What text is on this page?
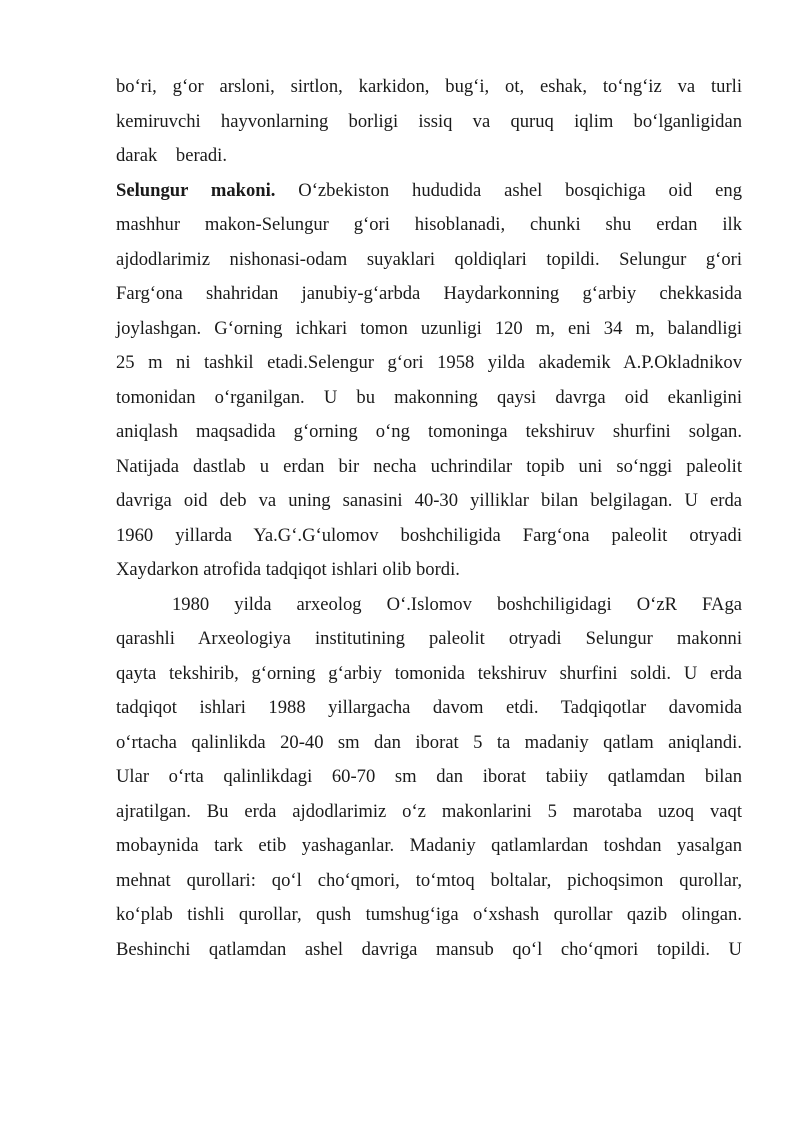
bo‘ri, g‘or arsloni, sirtlon, karkidon, bug‘i, ot, eshak, to‘ng‘iz va turli
kemiruvchi hayvonlarning borligi issiq va quruq iqlim bo‘lganligidan
darak  beradi.
Selungur makoni. O‘zbekiston hududida ashel bosqichiga oid eng
mashhur makon-Selungur g‘ori hisoblanadi, chunki shu erdan ilk
ajdodlarimiz nishonasi-odam suyaklari qoldiqlari topildi. Selungur g‘ori
Farg‘ona shahridan janubiy-g‘arbda Haydarkonning g‘arbiy chekkasida
joylashgan. G‘orning ichkari tomon uzunligi 120 m, eni 34 m, balandligi
25 m ni tashkil etadi.Selengur g‘ori 1958 yilda akademik A.P.Okladnikov
tomonidan o‘rganilgan. U bu makonning qaysi davrga oid ekanligini
aniqlash maqsadida g‘orning o‘ng tomoninga tekshiruv shurfini solgan.
Natijada dastlab u erdan bir necha uchrindilar topib uni so‘nggi paleolit
davriga oid deb va uning sanasini 40-30 yilliklar bilan belgilagan. U erda
1960 yillarda Ya.G‘.G‘ulomov boshchiligida Farg‘ona paleolit otryadi
Xaydarkon atrofida tadqiqot ishlari olib bordi.
1980 yilda arxeolog O‘.Islomov boshchiligidagi O‘zR FAga
qarashli Arxeologiya institutining paleolit otryadi Selungur makonni
qayta tekshirib, g‘orning g‘arbiy tomonida tekshiruv shurfini soldi. U erda
tadqiqot ishlari 1988 yillargacha davom etdi. Tadqiqotlar davomida
o‘rtacha qalinlikda 20-40 sm dan iborat 5 ta madaniy qatlam aniqlandi.
Ular o‘rta qalinlikdagi 60-70 sm dan iborat tabiiy qatlamdan bilan
ajratilgan. Bu erda ajdodlarimiz o‘z makonlarini 5 marotaba uzoq vaqt
mobaynida tark etib yashaganlar. Madaniy qatlamlardan toshdan yasalgan
mehnat qurollari: qo‘l cho‘qmori, to‘mtoq boltalar, pichoqsimon qurollar,
ko‘plab tishli qurollar, qush tumshug‘iga o‘xshash qurollar qazib olingan.
Beshinchi qatlamdan ashel davriga mansub qo‘l cho‘qmori topildi. U
